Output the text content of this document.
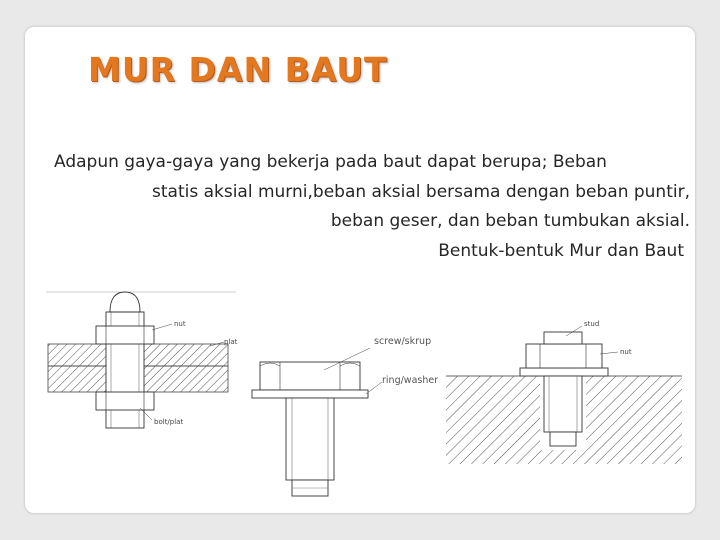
MUR DAN BAUT
Adapun gaya-gaya yang bekerja pada baut dapat berupa; Beban
statis aksial murni,beban aksial bersama dengan beban puntir,
beban geser, dan beban tumbukan aksial.
Bentuk-bentuk Mur dan Baut
nut
plat
bolt/plat
screw/skrup
ring/washer
stud
nut
